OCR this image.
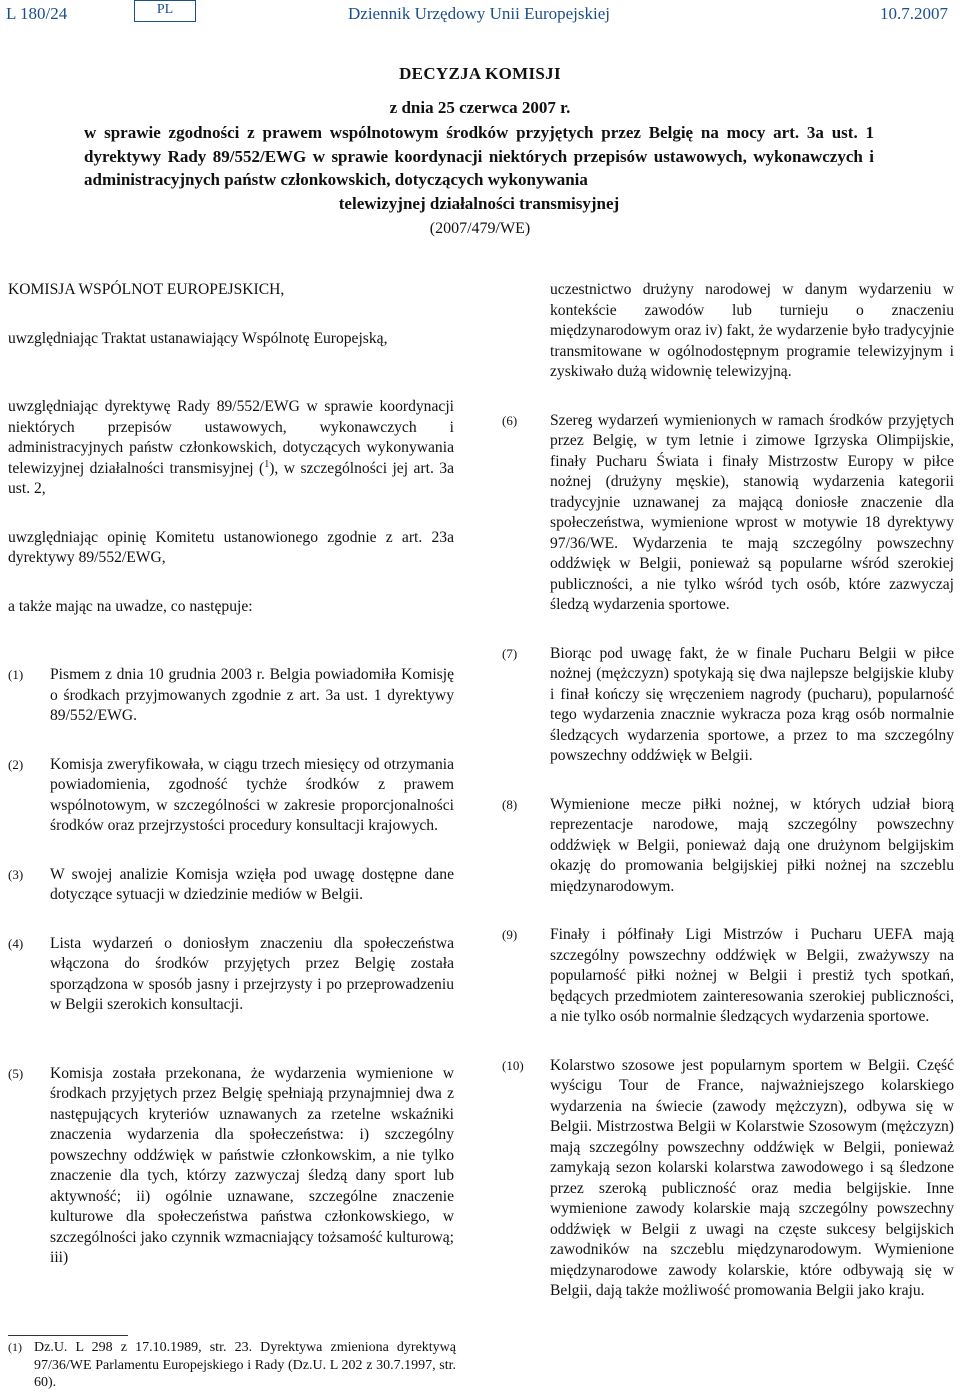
L 180/24	PL	Dziennik Urzędowy Unii Europejskiej	10.7.2007
DECYZJA KOMISJI
z dnia 25 czerwca 2007 r.
w sprawie zgodności z prawem wspólnotowym środków przyjętych przez Belgię na mocy art. 3a ust. 1 dyrektywy Rady 89/552/EWG w sprawie koordynacji niektórych przepisów ustawowych, wykonawczych i administracyjnych państw członkowskich, dotyczących wykonywania
telewizyjnej działalności transmisyjnej
(2007/479/WE)

KOMISJA WSPÓLNOT EUROPEJSKICH,

uwzględniając Traktat ustanawiający Wspólnotę Europejską,

uwzględniając dyrektywę Rady 89/552/EWG w sprawie koordynacji niektórych przepisów ustawowych, wykonawczych i administracyjnych państw członkowskich, dotyczących wykonywania telewizyjnej działalności transmisyjnej ($^1$), w szczególności jej art. 3a ust. 2,

uwzględniając opinię Komitetu ustanowionego zgodnie z art. 23a dyrektywy 89/552/EWG,

a także mając na uwadze, co następuje:

(1)	Pismem z dnia 10 grudnia 2003 r. Belgia powiadomiła Komisję o środkach przyjmowanych zgodnie z art. 3a ust. 1 dyrektywy 89/552/EWG.

(2)	Komisja zweryfikowała, w ciągu trzech miesięcy od otrzymania powiadomienia, zgodność tychże środków z prawem wspólnotowym, w szczególności w zakresie proporcjonalności środków oraz przejrzystości procedury konsultacji krajowych.

(3)	W swojej analizie Komisja wzięła pod uwagę dostępne dane dotyczące sytuacji w dziedzinie mediów w Belgii.

(4)	Lista wydarzeń o doniosłym znaczeniu dla społeczeństwa włączona do środków przyjętych przez Belgię została sporządzona w sposób jasny i przejrzysty i po przeprowadzeniu w Belgii szerokich konsultacji.

(5)	Komisja została przekonana, że wydarzenia wymienione w środkach przyjętych przez Belgię spełniają przynajmniej dwa z następujących kryteriów uznawanych za rzetelne wskaźniki znaczenia wydarzenia dla społeczeństwa: i) szczególny powszechny oddźwięk w państwie członkowskim, a nie tylko znaczenie dla tych, którzy zazwyczaj śledzą dany sport lub aktywność; ii) ogólnie uznawane, szczególne znaczenie kulturowe dla społeczeństwa państwa członkowskiego, w szczególności jako czynnik wzmacniający tożsamość kulturową; iii)

uczestnictwo drużyny narodowej w danym wydarzeniu w kontekście zawodów lub turnieju o znaczeniu międzynarodowym oraz iv) fakt, że wydarzenie było tradycyjnie transmitowane w ogólnodostępnym programie telewizyjnym i zyskiwało dużą widownię telewizyjną.

(6)	Szereg wydarzeń wymienionych w ramach środków przyjętych przez Belgię, w tym letnie i zimowe Igrzyska Olimpijskie, finały Pucharu Świata i finały Mistrzostw Europy w piłce nożnej (drużyny męskie), stanowią wydarzenia kategorii tradycyjnie uznawanej za mającą doniosłe znaczenie dla społeczeństwa, wymienione wprost w motywie 18 dyrektywy 97/36/WE. Wydarzenia te mają szczególny powszechny oddźwięk w Belgii, ponieważ są popularne wśród szerokiej publiczności, a nie tylko wśród tych osób, które zazwyczaj śledzą wydarzenia sportowe.

(7)	Biorąc pod uwagę fakt, że w finale Pucharu Belgii w piłce nożnej (mężczyzn) spotykają się dwa najlepsze belgijskie kluby i finał kończy się wręczeniem nagrody (pucharu), popularność tego wydarzenia znacznie wykracza poza krąg osób normalnie śledzących wydarzenia sportowe, a przez to ma szczególny powszechny oddźwięk w Belgii.

(8)	Wymienione mecze piłki nożnej, w których udział biorą reprezentacje narodowe, mają szczególny powszechny oddźwięk w Belgii, ponieważ dają one drużynom belgijskim okazję do promowania belgijskiej piłki nożnej na szczeblu międzynarodowym.

(9)	Finały i półfinały Ligi Mistrzów i Pucharu UEFA mają szczególny powszechny oddźwięk w Belgii, zważywszy na popularność piłki nożnej w Belgii i prestiż tych spotkań, będących przedmiotem zainteresowania szerokiej publiczności, a nie tylko osób normalnie śledzących wydarzenia sportowe.

(10)	Kolarstwo szosowe jest popularnym sportem w Belgii. Część wyścigu Tour de France, najważniejszego kolarskiego wydarzenia na świecie (zawody mężczyzn), odbywa się w Belgii. Mistrzostwa Belgii w Kolarstwie Szosowym (mężczyzn) mają szczególny powszechny oddźwięk w Belgii, ponieważ zamykają sezon kolarski kolarstwa zawodowego i są śledzone przez szeroką publiczność oraz media belgijskie. Inne wymienione zawody kolarskie mają szczególny powszechny oddźwięk w Belgii z uwagi na częste sukcesy belgijskich zawodników na szczeblu międzynarodowym. Wymienione międzynarodowe zawody kolarskie, które odbywają się w Belgii, dają także możliwość promowania Belgii jako kraju.

(1) Dz.U. L 298 z 17.10.1989, str. 23. Dyrektywa zmieniona dyrektywą 97/36/WE Parlamentu Europejskiego i Rady (Dz.U. L 202 z 30.7.1997, str. 60).
